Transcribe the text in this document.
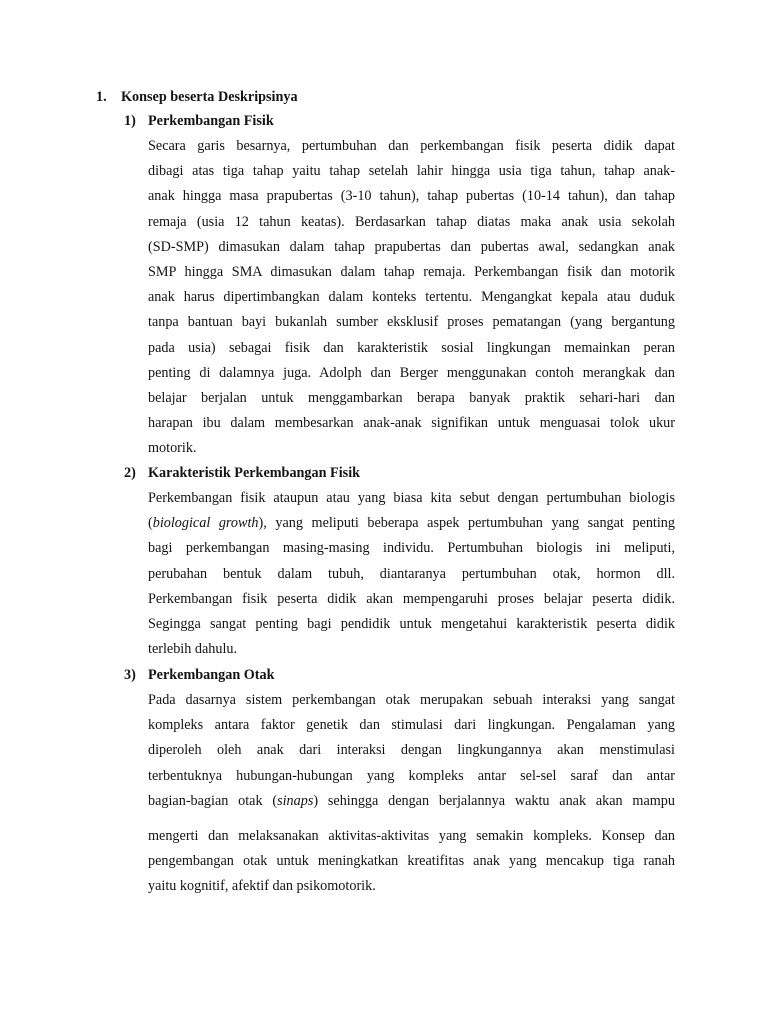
1. Konsep beserta Deskripsinya
1) Perkembangan Fisik
Secara garis besarnya, pertumbuhan dan perkembangan fisik peserta didik dapat
dibagi atas tiga tahap yaitu tahap setelah lahir hingga usia tiga tahun, tahap anak-
anak hingga masa prapubertas (3-10 tahun), tahap pubertas (10-14 tahun), dan tahap
remaja (usia 12 tahun keatas). Berdasarkan tahap diatas maka anak usia sekolah
(SD-SMP) dimasukan dalam tahap prapubertas dan pubertas awal, sedangkan anak
SMP hingga SMA dimasukan dalam tahap remaja. Perkembangan fisik dan motorik
anak harus dipertimbangkan dalam konteks tertentu. Mengangkat kepala atau duduk
tanpa bantuan bayi bukanlah sumber eksklusif proses pematangan (yang bergantung
pada usia) sebagai fisik dan karakteristik sosial lingkungan memainkan peran
penting di dalamnya juga. Adolph dan Berger menggunakan contoh merangkak dan
belajar berjalan untuk menggambarkan berapa banyak praktik sehari-hari dan
harapan ibu dalam membesarkan anak-anak signifikan untuk menguasai tolok ukur
motorik.
2) Karakteristik Perkembangan Fisik
Perkembangan fisik ataupun atau yang biasa kita sebut dengan pertumbuhan biologis
(biological growth), yang meliputi beberapa aspek pertumbuhan yang sangat penting
bagi perkembangan masing-masing individu. Pertumbuhan biologis ini meliputi,
perubahan bentuk dalam tubuh, diantaranya pertumbuhan otak, hormon dll.
Perkembangan fisik peserta didik akan mempengaruhi proses belajar peserta didik.
Segingga sangat penting bagi pendidik untuk mengetahui karakteristik peserta didik
terlebih dahulu.
3) Perkembangan Otak
Pada dasarnya sistem perkembangan otak merupakan sebuah interaksi yang sangat
kompleks antara faktor genetik dan stimulasi dari lingkungan. Pengalaman yang
diperoleh oleh anak dari interaksi dengan lingkungannya akan menstimulasi
terbentuknya hubungan-hubungan yang kompleks antar sel-sel saraf dan antar
bagian-bagian otak (sinaps) sehingga dengan berjalannya waktu anak akan mampu
mengerti dan melaksanakan aktivitas-aktivitas yang semakin kompleks. Konsep dan
pengembangan otak untuk meningkatkan kreatifitas anak yang mencakup tiga ranah
yaitu kognitif, afektif dan psikomotorik.
